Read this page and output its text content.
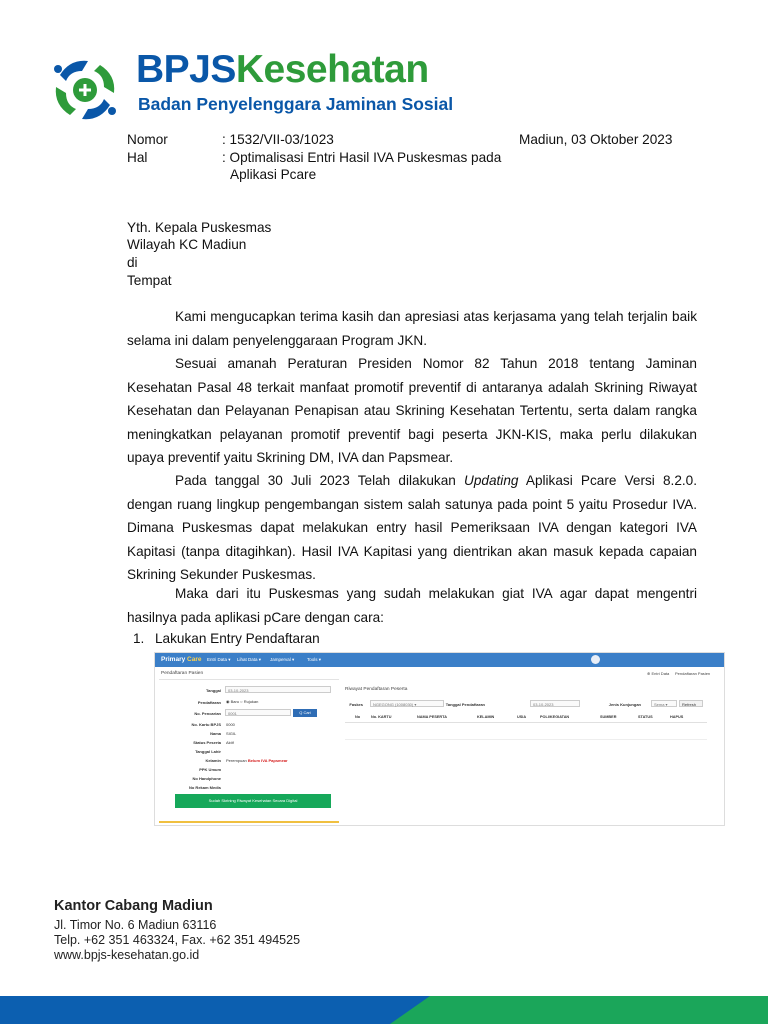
BPJSKesehatan
Badan Penyelenggara Jaminan Sosial
Nomor	: 1532/VII-03/1023	Madiun, 03 Oktober 2023
Hal	: Optimalisasi Entri Hasil IVA Puskesmas pada
Aplikasi Pcare
Yth. Kepala Puskesmas
Wilayah KC Madiun
di
Tempat
Kami mengucapkan terima kasih dan apresiasi atas kerjasama yang telah terjalin baik selama ini dalam penyelenggaraan Program JKN.
Sesuai amanah Peraturan Presiden Nomor 82 Tahun 2018 tentang Jaminan Kesehatan Pasal 48 terkait manfaat promotif preventif di antaranya adalah Skrining Riwayat Kesehatan dan Pelayanan Penapisan atau Skrining Kesehatan Tertentu, serta dalam rangka meningkatkan pelayanan promotif preventif bagi peserta JKN-KIS, maka perlu dilakukan upaya preventif yaitu Skrining DM, IVA dan Papsmear.
Pada tanggal 30 Juli 2023 Telah dilakukan Updating Aplikasi Pcare Versi 8.2.0. dengan ruang lingkup pengembangan sistem salah satunya pada point 5 yaitu Prosedur IVA. Dimana Puskesmas dapat melakukan entry hasil Pemeriksaan IVA dengan kategori IVA Kapitasi (tanpa ditagihkan). Hasil IVA Kapitasi yang dientrikan akan masuk kepada capaian Skrining Sekunder Puskesmas.
Maka dari itu Puskesmas yang sudah melakukan giat IVA agar dapat mengentri hasilnya pada aplikasi pCare dengan cara:
1. Lakukan Entry Pendaftaran
Primary Care Entri Data ▾ Lihat Data ▾ Jamperval ▾	Tools ▾
Pendaftaran Pasien	⊕ Entri Data Pendaftaran Pasien
Tanggal	03-10-2023
Pendaftaran ◉ Baru ○ Rujukan
No. Pencarian	0001	Q Cari
No. Kartu BPJS 0000
Nama SIGIL
Status Peserta Aktif
Tanggal Lahir
Kelamin Perempuan Belum IVA Papsmear
PPK Umum
No Handphone
No Rekam Medis
Sudah Skrining Riwayat Kesehatan Secara Digital
Riwayat Pendaftaran Peserta
Faskes	NGEGONG (1008030) ▾	Tanggal Pendaftaran	03-10-2023	Jenis Kunjungan	Sema ▾	Refresh
No	No. KARTU	NAMA PESERTA	KELAMIN	USIA	POLI/KEGIATAN	SUMBER	STATUS	HAPUS
Kantor Cabang Madiun
Jl. Timor No. 6 Madiun 63116
Telp. +62 351 463324, Fax. +62 351 494525
www.bpjs-kesehatan.go.id
